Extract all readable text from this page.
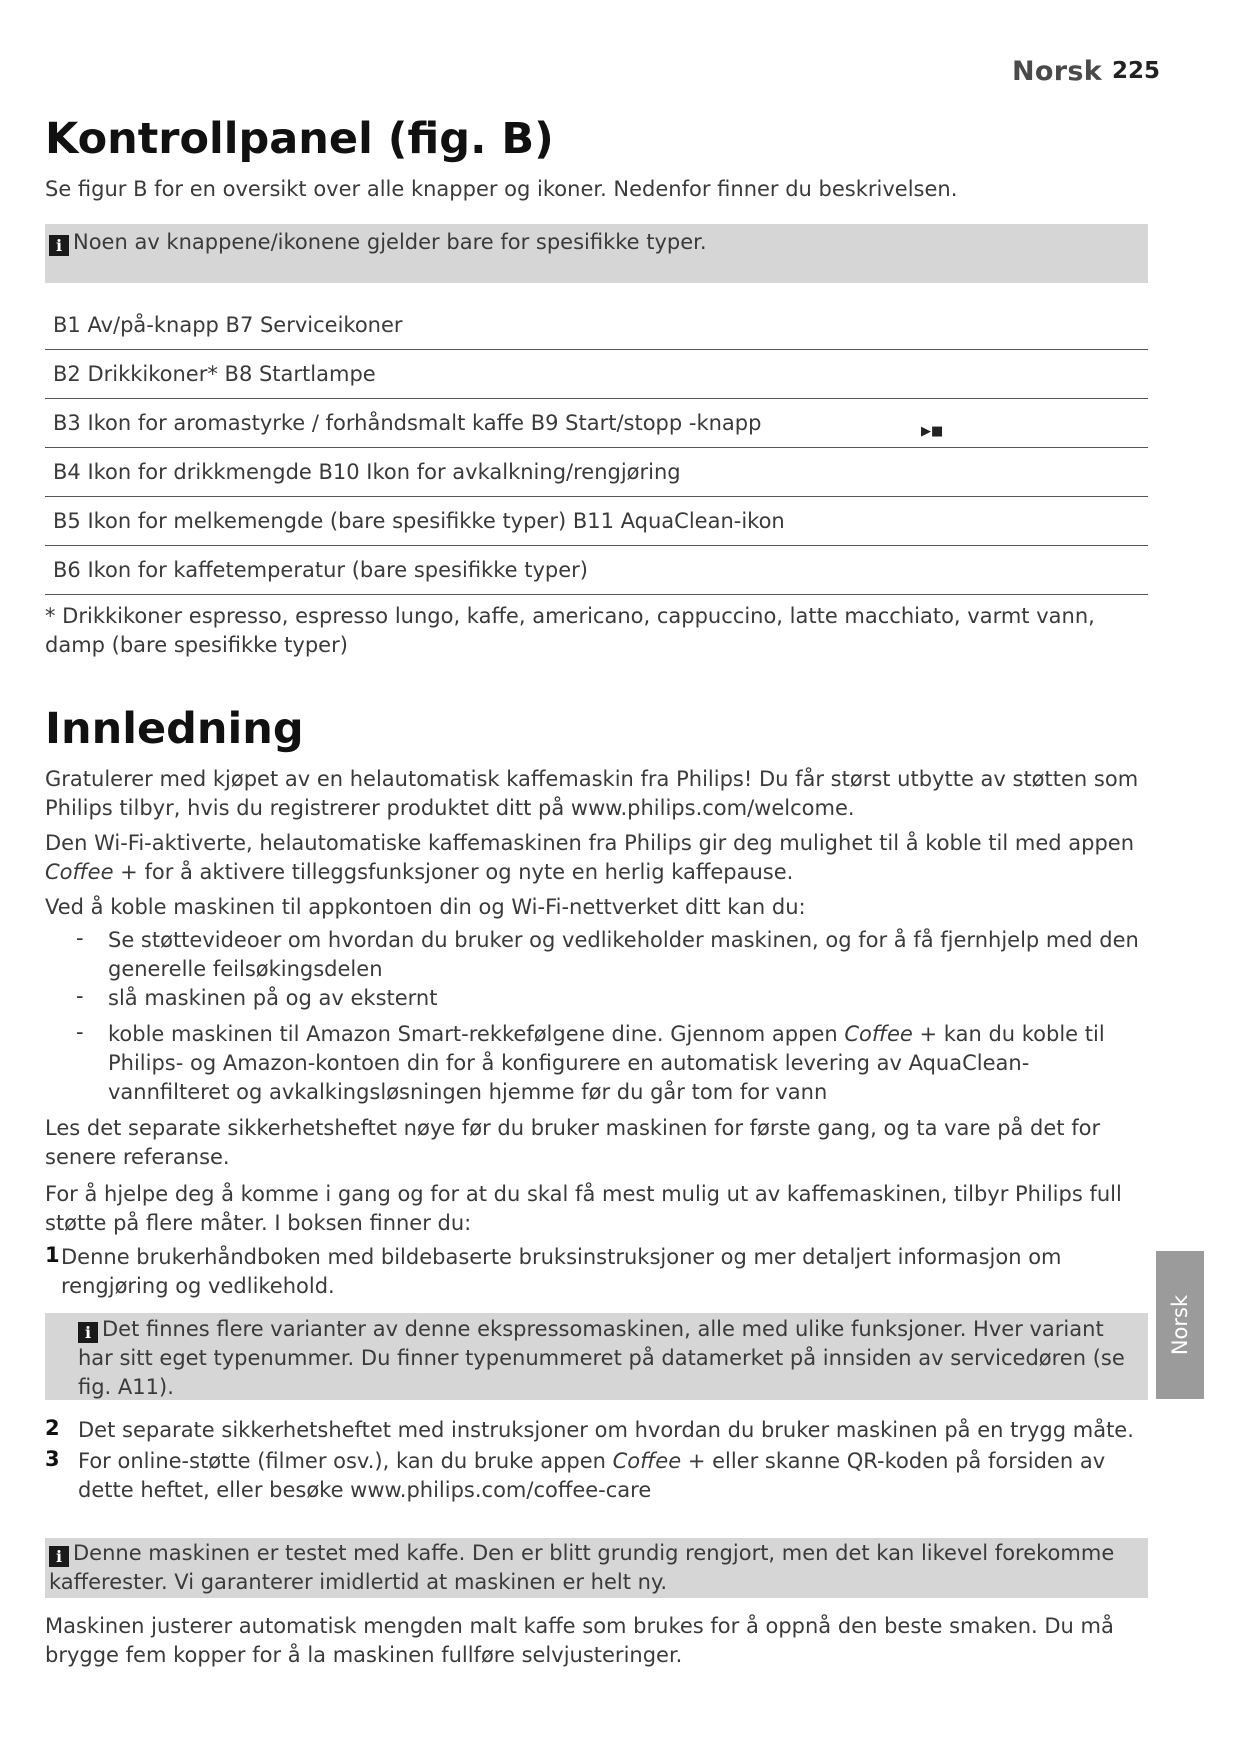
Norsk 225
Kontrollpanel (fig. B)
Se figur B for en oversikt over alle knapper og ikoner. Nedenfor finner du beskrivelsen.
i Noen av knappene/ikonene gjelder bare for spesifikke typer.
B1 Av/på-knapp B7 Serviceikoner
B2 Drikkikoner* B8 Startlampe
B3 Ikon for aromastyrke / forhåndsmalt kaffe B9 Start/stopp -knapp	▶■
B4 Ikon for drikkmengde B10 Ikon for avkalkning/rengjøring
B5 Ikon for melkemengde (bare spesifikke typer) B11 AquaClean-ikon
B6 Ikon for kaffetemperatur (bare spesifikke typer)
* Drikkikoner espresso, espresso lungo, kaffe, americano, cappuccino, latte macchiato, varmt vann, damp (bare spesifikke typer)
Innledning
Gratulerer med kjøpet av en helautomatisk kaffemaskin fra Philips! Du får størst utbytte av støtten som Philips tilbyr, hvis du registrerer produktet ditt på www.philips.com/welcome.
Den Wi-Fi-aktiverte, helautomatiske kaffemaskinen fra Philips gir deg mulighet til å koble til med appen Coffee + for å aktivere tilleggsfunksjoner og nyte en herlig kaffepause.
Ved å koble maskinen til appkontoen din og Wi-Fi-nettverket ditt kan du:
- Se støttevideoer om hvordan du bruker og vedlikeholder maskinen, og for å få fjernhjelp med den generelle feilsøkingsdelen
- slå maskinen på og av eksternt
- koble maskinen til Amazon Smart-rekkefølgene dine. Gjennom appen Coffee + kan du koble til Philips- og Amazon-kontoen din for å konfigurere en automatisk levering av AquaClean-vannfilteret og avkalkingsløsningen hjemme før du går tom for vann
Les det separate sikkerhetsheftet nøye før du bruker maskinen for første gang, og ta vare på det for senere referanse.
For å hjelpe deg å komme i gang og for at du skal få mest mulig ut av kaffemaskinen, tilbyr Philips full støtte på flere måter. I boksen finner du:
1 Denne brukerhåndboken med bildebaserte bruksinstruksjoner og mer detaljert informasjon om rengjøring og vedlikehold.
i Det finnes flere varianter av denne ekspressomaskinen, alle med ulike funksjoner. Hver variant har sitt eget typenummer. Du finner typenummeret på datamerket på innsiden av servicedøren (se fig. A11).
2 Det separate sikkerhetsheftet med instruksjoner om hvordan du bruker maskinen på en trygg måte.
3 For online-støtte (filmer osv.), kan du bruke appen Coffee + eller skanne QR-koden på forsiden av dette heftet, eller besøke www.philips.com/coffee-care
i Denne maskinen er testet med kaffe. Den er blitt grundig rengjort, men det kan likevel forekomme kafferester. Vi garanterer imidlertid at maskinen er helt ny.
Maskinen justerer automatisk mengden malt kaffe som brukes for å oppnå den beste smaken. Du må brygge fem kopper for å la maskinen fullføre selvjusteringer.
Norsk
